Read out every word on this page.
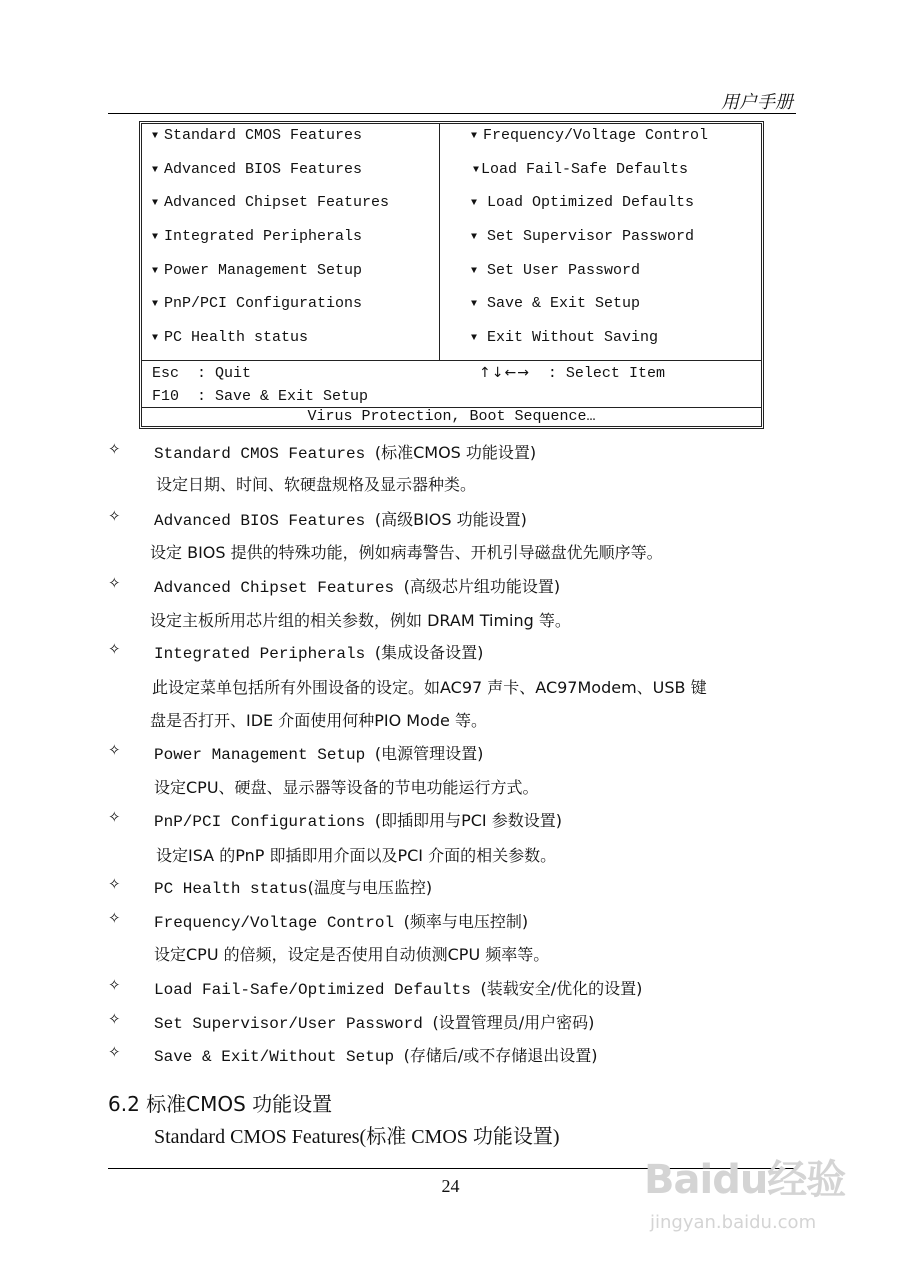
用户手册
▼ Standard CMOS Features
▼ Advanced BIOS Features
▼ Advanced Chipset Features
▼ Integrated Peripherals
▼ Power Management Setup
▼ PnP/PCI Configurations
▼ PC Health status
▼ Frequency/Voltage Control
▼ Load Fail-Safe Defaults
▼ Load Optimized Defaults
▼ Set Supervisor Password
▼ Set User Password
▼ Save & Exit Setup
▼ Exit Without Saving
Esc  : Quit
F10  : Save & Exit Setup
↑↓←→  : Select Item
Virus Protection, Boot Sequence…
✧ Standard CMOS Features (标准CMOS 功能设置)
设定日期、时间、软硬盘规格及显示器种类。
✧ Advanced BIOS Features (高级BIOS 功能设置)
设定 BIOS 提供的特殊功能，例如病毒警告、开机引导磁盘优先顺序等。
✧ Advanced Chipset Features (高级芯片组功能设置)
设定主板所用芯片组的相关参数，例如 DRAM Timing 等。
✧ Integrated Peripherals (集成设备设置)
此设定菜单包括所有外围设备的设定。如AC97 声卡、AC97Modem、USB 键
盘是否打开、IDE 介面使用何种PIO Mode 等。
✧ Power Management Setup (电源管理设置)
设定CPU、硬盘、显示器等设备的节电功能运行方式。
✧ PnP/PCI Configurations (即插即用与PCI 参数设置)
设定ISA 的PnP 即插即用介面以及PCI 介面的相关参数。
✧ PC Health status(温度与电压监控)
✧ Frequency/Voltage Control (频率与电压控制)
设定CPU 的倍频，设定是否使用自动侦测CPU 频率等。
✧ Load Fail-Safe/Optimized Defaults (装载安全/优化的设置)
✧ Set Supervisor/User Password (设置管理员/用户密码)
✧ Save & Exit/Without Setup (存储后/或不存储退出设置)
6.2 标准CMOS 功能设置
Standard CMOS Features(标准 CMOS 功能设置)
24	Baidu经验
jingyan.baidu.com
